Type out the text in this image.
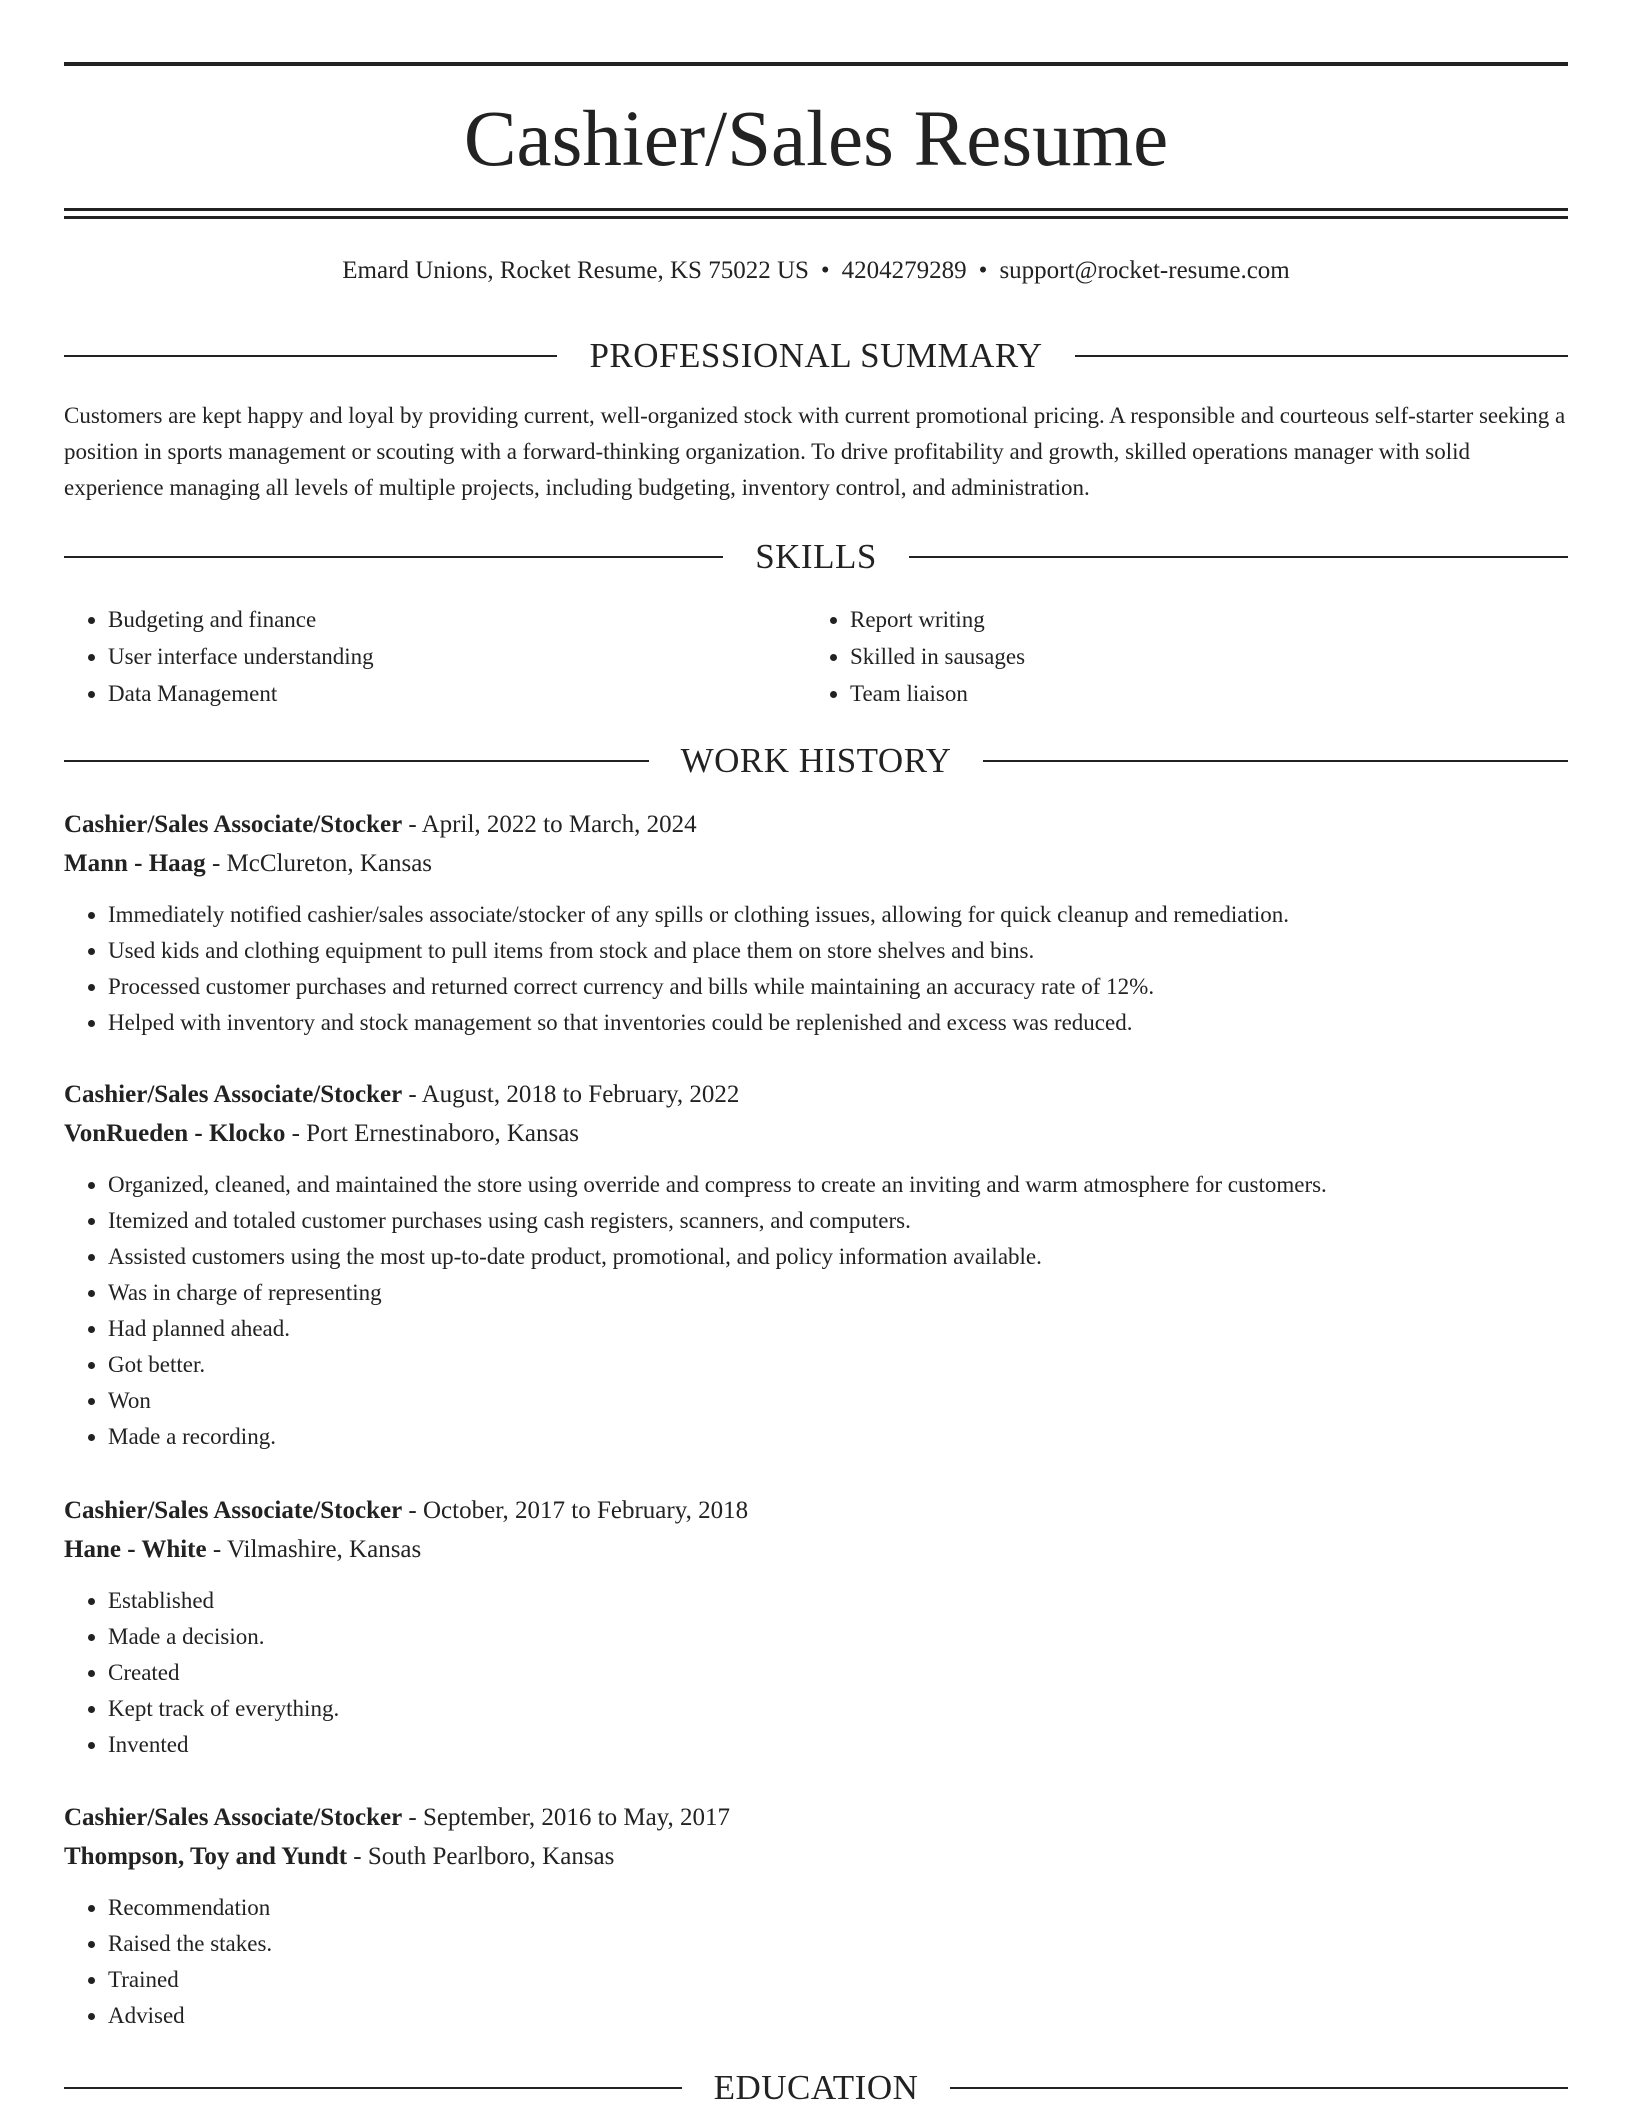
Cashier/Sales Resume
Emard Unions, Rocket Resume, KS 75022 US • 4204279289 • support@rocket-resume.com
PROFESSIONAL SUMMARY

Customers are kept happy and loyal by providing current, well-organized stock with current promotional pricing. A responsible and courteous self-starter seeking a position in sports management or scouting with a forward-thinking organization. To drive profitability and growth, skilled operations manager with solid experience managing all levels of multiple projects, including budgeting, inventory control, and administration.

SKILLS
• Budgeting and finance
• User interface understanding
• Data Management
• Report writing
• Skilled in sausages
• Team liaison
WORK HISTORY

Cashier/Sales Associate/Stocker - April, 2022 to March, 2024

Mann - Haag - McClureton, Kansas

• Immediately notified cashier/sales associate/stocker of any spills or clothing issues, allowing for quick cleanup and remediation.
• Used kids and clothing equipment to pull items from stock and place them on store shelves and bins.
• Processed customer purchases and returned correct currency and bills while maintaining an accuracy rate of 12%.
• Helped with inventory and stock management so that inventories could be replenished and excess was reduced.

Cashier/Sales Associate/Stocker - August, 2018 to February, 2022

VonRueden - Klocko - Port Ernestinaboro, Kansas

• Organized, cleaned, and maintained the store using override and compress to create an inviting and warm atmosphere for customers.
• Itemized and totaled customer purchases using cash registers, scanners, and computers.
• Assisted customers using the most up-to-date product, promotional, and policy information available.
• Was in charge of representing
• Had planned ahead.
• Got better.
• Won
• Made a recording.

Cashier/Sales Associate/Stocker - October, 2017 to February, 2018

Hane - White - Vilmashire, Kansas

• Established
• Made a decision.
• Created
• Kept track of everything.
• Invented

Cashier/Sales Associate/Stocker - September, 2016 to May, 2017

Thompson, Toy and Yundt - South Pearlboro, Kansas

• Recommendation
• Raised the stakes.
• Trained
• Advised
EDUCATION
